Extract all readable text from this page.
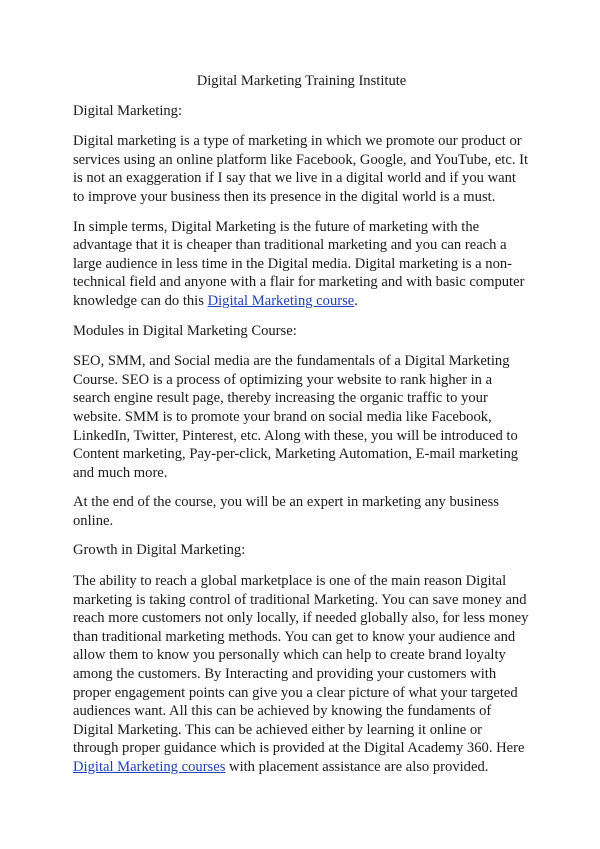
Digital Marketing Training Institute
Digital Marketing:

Digital marketing is a type of marketing in which we promote our product or services using an online platform like Facebook, Google, and YouTube, etc. It is not an exaggeration if I say that we live in a digital world and if you want to improve your business then its presence in the digital world is a must.

In simple terms, Digital Marketing is the future of marketing with the advantage that it is cheaper than traditional marketing and you can reach a large audience in less time in the Digital media. Digital marketing is a non-technical field and anyone with a flair for marketing and with basic computer knowledge can do this Digital Marketing course.

Modules in Digital Marketing Course:

SEO, SMM, and Social media are the fundamentals of a Digital Marketing Course. SEO is a process of optimizing your website to rank higher in a search engine result page, thereby increasing the organic traffic to your website. SMM is to promote your brand on social media like Facebook, LinkedIn, Twitter, Pinterest, etc. Along with these, you will be introduced to Content marketing, Pay-per-click, Marketing Automation, E-mail marketing and much more.

At the end of the course, you will be an expert in marketing any business online.

Growth in Digital Marketing:

The ability to reach a global marketplace is one of the main reason Digital marketing is taking control of traditional Marketing. You can save money and reach more customers not only locally, if needed globally also, for less money than traditional marketing methods. You can get to know your audience and allow them to know you personally which can help to create brand loyalty among the customers. By Interacting and providing your customers with proper engagement points can give you a clear picture of what your targeted audiences want. All this can be achieved by knowing the fundaments of Digital Marketing. This can be achieved either by learning it online or through proper guidance which is provided at the Digital Academy 360. Here Digital Marketing courses with placement assistance are also provided.
